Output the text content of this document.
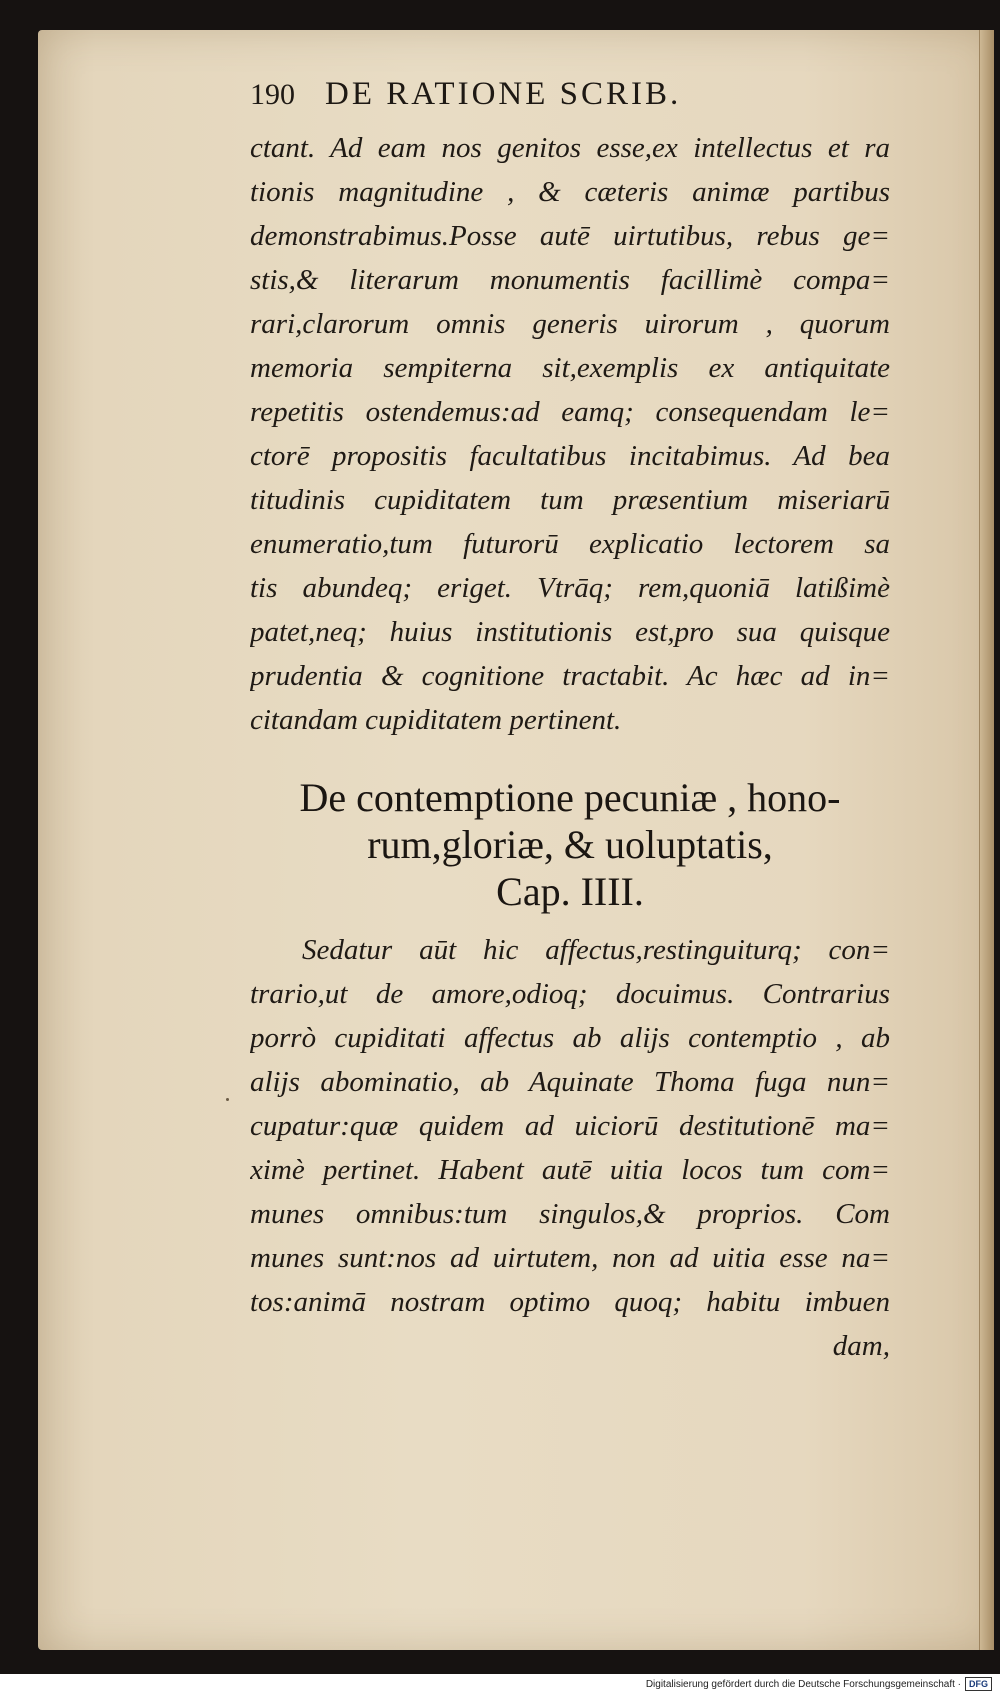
190 DE RATIONE SCRIB.
ctant. Ad eam nos genitos esse,ex intellectus et ra
tionis magnitudine , & cæteris animæ partibus
demonstrabimus.Posse autē uirtutibus, rebus ge=
stis,& literarum monumentis facillimè compa=
rari,clarorum omnis generis uirorum , quorum
memoria sempiterna sit,exemplis ex antiquitate
repetitis ostendemus:ad eamq; consequendam le=
ctorē propositis facultatibus incitabimus. Ad bea
titudinis cupiditatem tum præsentium miseriarū
enumeratio,tum futurorū explicatio lectorem sa
tis abundeq; eriget. Vtrāq; rem,quoniā latißimè
patet,neq; huius institutionis est,pro sua quisque
prudentia & cognitione tractabit. Ac hæc ad in=
citandam cupiditatem pertinent.
De contemptione pecuniæ , hono-
rum,gloriæ, & uoluptatis,
Cap. IIII.
Sedatur aūt hic affectus,restinguiturq; con=
trario,ut de amore,odioq; docuimus. Contrarius
porrò cupiditati affectus ab alijs contemptio , ab
alijs abominatio, ab Aquinate Thoma fuga nun=
cupatur:quæ quidem ad uiciorū destitutionē ma=
ximè pertinet. Habent autē uitia locos tum com=
munes omnibus:tum singulos,& proprios. Com
munes sunt:nos ad uirtutem, non ad uitia esse na=
tos:animā nostram optimo quoq; habitu imbuen
dam,
Digitalisierung gefördert durch die Deutsche Forschungsgemeinschaft · DFG
